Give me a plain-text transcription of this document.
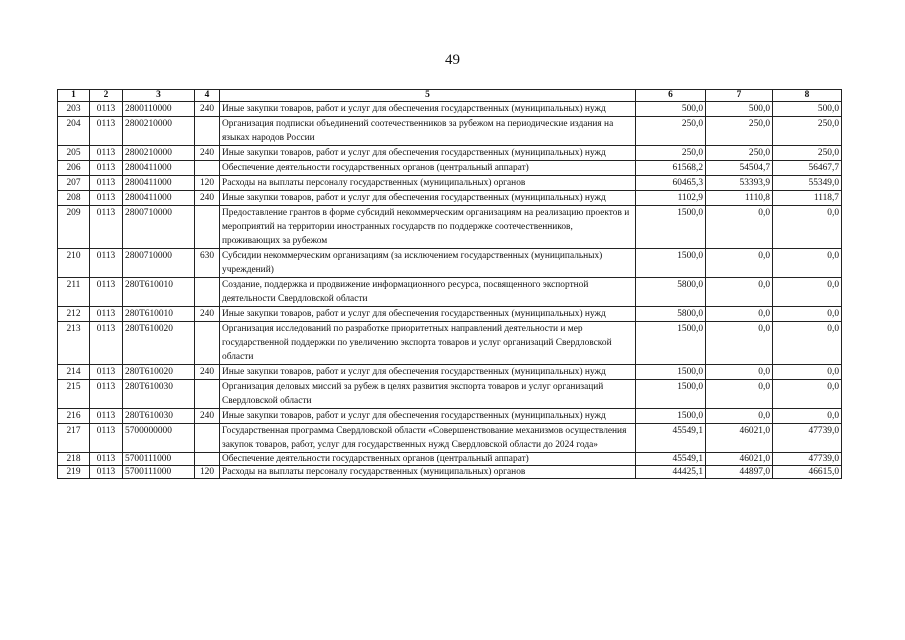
49
1	2	3	4	5	6	7	8
203	0113	2800110000	240	Иные закупки товаров, работ и услуг для обеспечения государственных (муниципальных) нужд	500,0	500,0	500,0
204	0113	2800210000		Организация подписки объединений соотечественников за рубежом на периодические издания на языках народов России	250,0	250,0	250,0
205	0113	2800210000	240	Иные закупки товаров, работ и услуг для обеспечения государственных (муниципальных) нужд	250,0	250,0	250,0
206	0113	2800411000		Обеспечение деятельности государственных органов (центральный аппарат)	61568,2	54504,7	56467,7
207	0113	2800411000	120	Расходы на выплаты персоналу государственных (муниципальных) органов	60465,3	53393,9	55349,0
208	0113	2800411000	240	Иные закупки товаров, работ и услуг для обеспечения государственных (муниципальных) нужд	1102,9	1110,8	1118,7
209	0113	2800710000		Предоставление грантов в форме субсидий некоммерческим организациям на реализацию проектов и мероприятий на территории иностранных государств по поддержке соотечественников, проживающих за рубежом	1500,0	0,0	0,0
210	0113	2800710000	630	Субсидии некоммерческим организациям (за исключением государственных (муниципальных) учреждений)	1500,0	0,0	0,0
211	0113	280T610010		Создание, поддержка и продвижение информационного ресурса, посвященного экспортной деятельности Свердловской области	5800,0	0,0	0,0
212	0113	280T610010	240	Иные закупки товаров, работ и услуг для обеспечения государственных (муниципальных) нужд	5800,0	0,0	0,0
213	0113	280T610020		Организация исследований по разработке приоритетных направлений деятельности и мер государственной поддержки по увеличению экспорта товаров и услуг организаций Свердловской области	1500,0	0,0	0,0
214	0113	280T610020	240	Иные закупки товаров, работ и услуг для обеспечения государственных (муниципальных) нужд	1500,0	0,0	0,0
215	0113	280T610030		Организация деловых миссий за рубеж в целях развития экспорта товаров и услуг организаций Свердловской области	1500,0	0,0	0,0
216	0113	280T610030	240	Иные закупки товаров, работ и услуг для обеспечения государственных (муниципальных) нужд	1500,0	0,0	0,0
217	0113	5700000000		Государственная программа Свердловской области «Совершенствование механизмов осуществления закупок товаров, работ, услуг для государственных нужд Свердловской области до 2024 года»	45549,1	46021,0	47739,0
218	0113	5700111000		Обеспечение деятельности государственных органов (центральный аппарат)	45549,1	46021,0	47739,0
219	0113	5700111000	120	Расходы на выплаты персоналу государственных (муниципальных) органов	44425,1	44897,0	46615,0
